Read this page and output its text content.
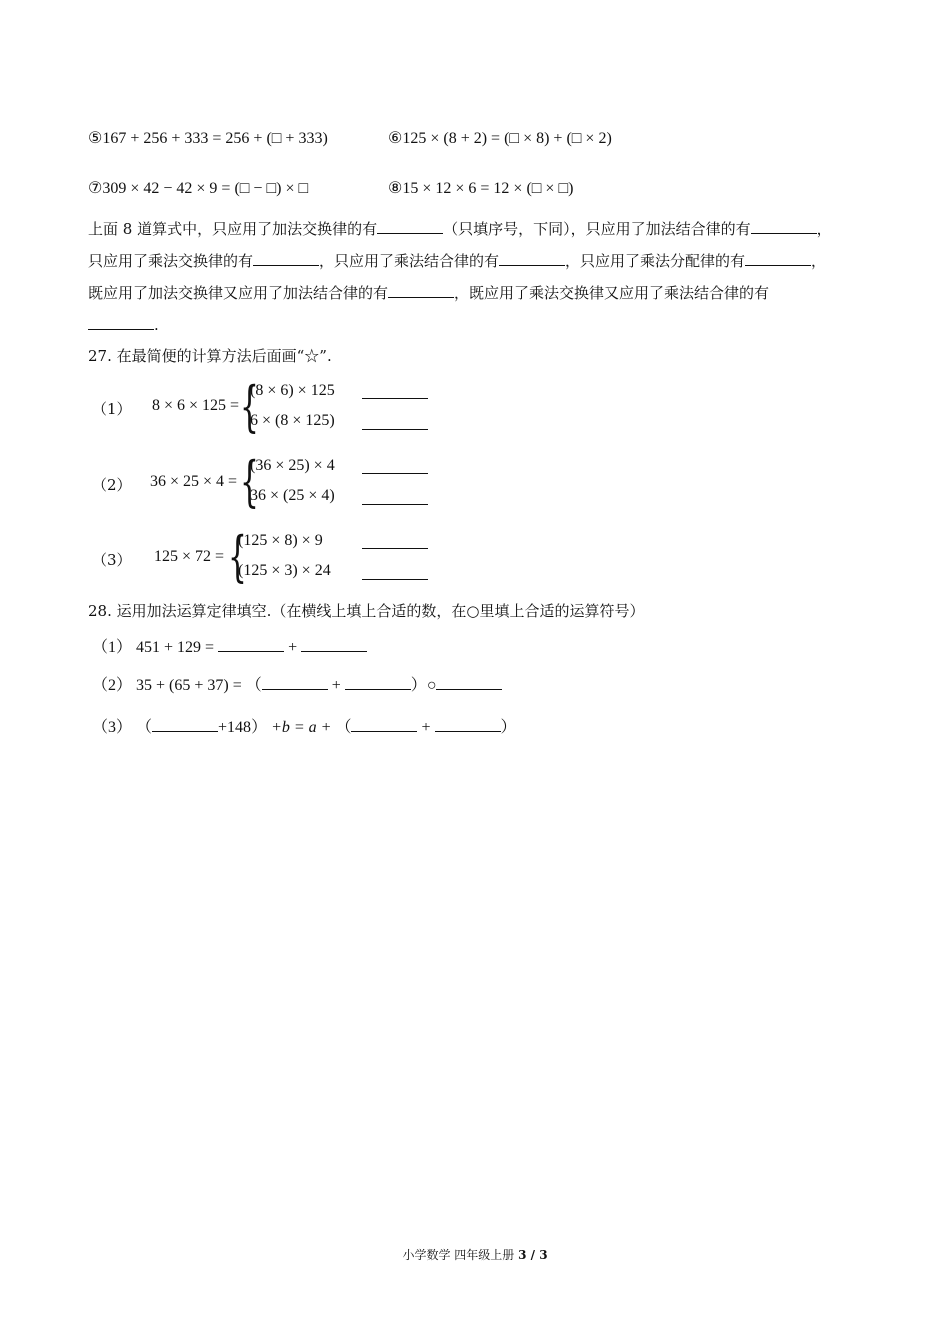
⑤167 + 256 + 333 = 256 + (□ + 333)	⑥125 × (8 + 2) = (□ × 8) + (□ × 2)
⑦309 × 42 − 42 × 9 = (□ − □) × □	⑧15 × 12 × 6 = 12 × (□ × □)
上面 8 道算式中，只应用了加法交换律的有	（只填序号，下同），只应用了加法结合律的有	，
只应用了乘法交换律的有	，只应用了乘法结合律的有	，只应用了乘法分配律的有	，
既应用了加法交换律又应用了加法结合律的有	，既应用了乘法交换律又应用了乘法结合律的有
.
27. 在最简便的计算方法后面画“☆”.
（1） 8 × 6 × 125 = {
(8 × 6) × 125
6 × (8 × 125)
（2） 36 × 25 × 4 = {
(36 × 25) × 4
36 × (25 × 4)
（3） 125 × 72 = {
(125 × 8) × 9
(125 × 3) × 24
28. 运用加法运算定律填空.（在横线上填上合适的数，在○里填上合适的运算符号）
（1） 451 + 129 =	+
（2） 35 + (65 + 37) = （	+	）○
（3） （	+148） +b = a + （	+	）
小学数学 四年级上册 3 / 3
